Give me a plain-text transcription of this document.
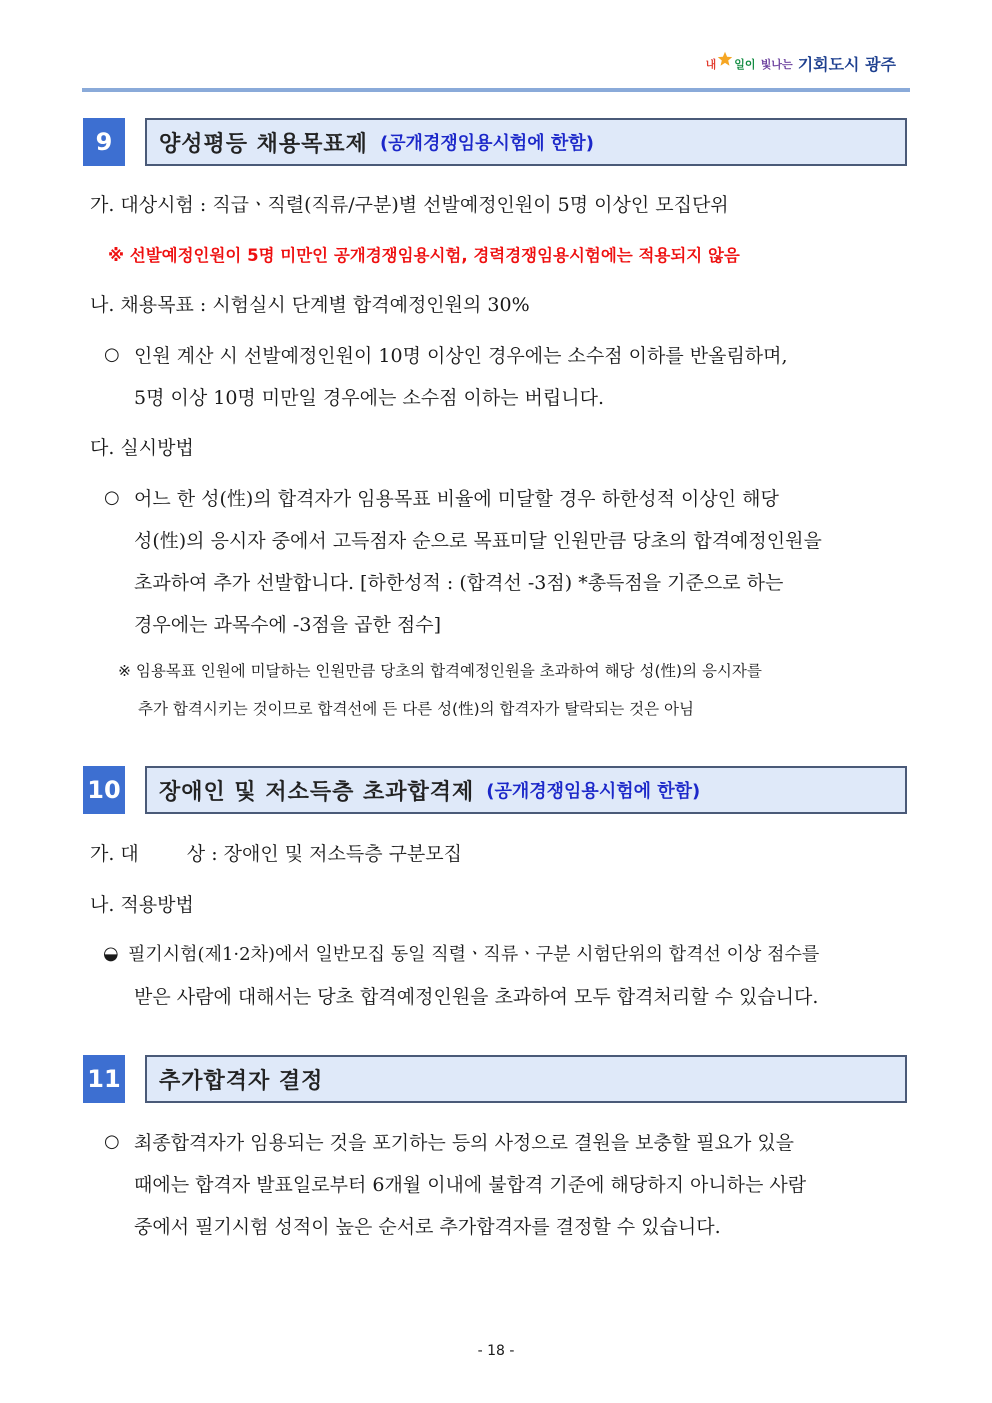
내 일이
빛나는 기회도시 광주
9	양성평등 채용목표제 (공개경쟁임용시험에 한함)
가. 대상시험 : 직급ㆍ직렬(직류/구분)별 선발예정인원이 5명 이상인 모집단위
※ 선발예정인원이 5명 미만인 공개경쟁임용시험, 경력경쟁임용시험에는 적용되지 않음
나. 채용목표 : 시험실시 단계별 합격예정인원의 30%
○ 인원 계산 시 선발예정인원이 10명 이상인 경우에는 소수점 이하를 반올림하며,
5명 이상 10명 미만일 경우에는 소수점 이하는 버립니다.
다. 실시방법
○ 어느 한 성(性)의 합격자가 임용목표 비율에 미달할 경우 하한성적 이상인 해당
성(性)의 응시자 중에서 고득점자 순으로 목표미달 인원만큼 당초의 합격예정인원을
초과하여 추가 선발합니다. [하한성적 : (합격선 -3점) *총득점을 기준으로 하는
경우에는 과목수에 -3점을 곱한 점수]
※ 임용목표 인원에 미달하는 인원만큼 당초의 합격예정인원을 초과하여 해당 성(性)의 응시자를
추가 합격시키는 것이므로 합격선에 든 다른 성(性)의 합격자가 탈락되는 것은 아님
10 장애인 및 저소득층 초과합격제 (공개경쟁임용시험에 한함)
가. 대	상 : 장애인 및 저소득층 구분모집
나. 적용방법
◒ 필기시험(제1·2차)에서 일반모집 동일 직렬ㆍ직류ㆍ구분 시험단위의 합격선 이상 점수를
받은 사람에 대해서는 당초 합격예정인원을 초과하여 모두 합격처리할 수 있습니다.
11 추가합격자 결정
○ 최종합격자가 임용되는 것을 포기하는 등의 사정으로 결원을 보충할 필요가 있을
때에는 합격자 발표일로부터 6개월 이내에 불합격 기준에 해당하지 아니하는 사람
중에서 필기시험 성적이 높은 순서로 추가합격자를 결정할 수 있습니다.
- 18 -
